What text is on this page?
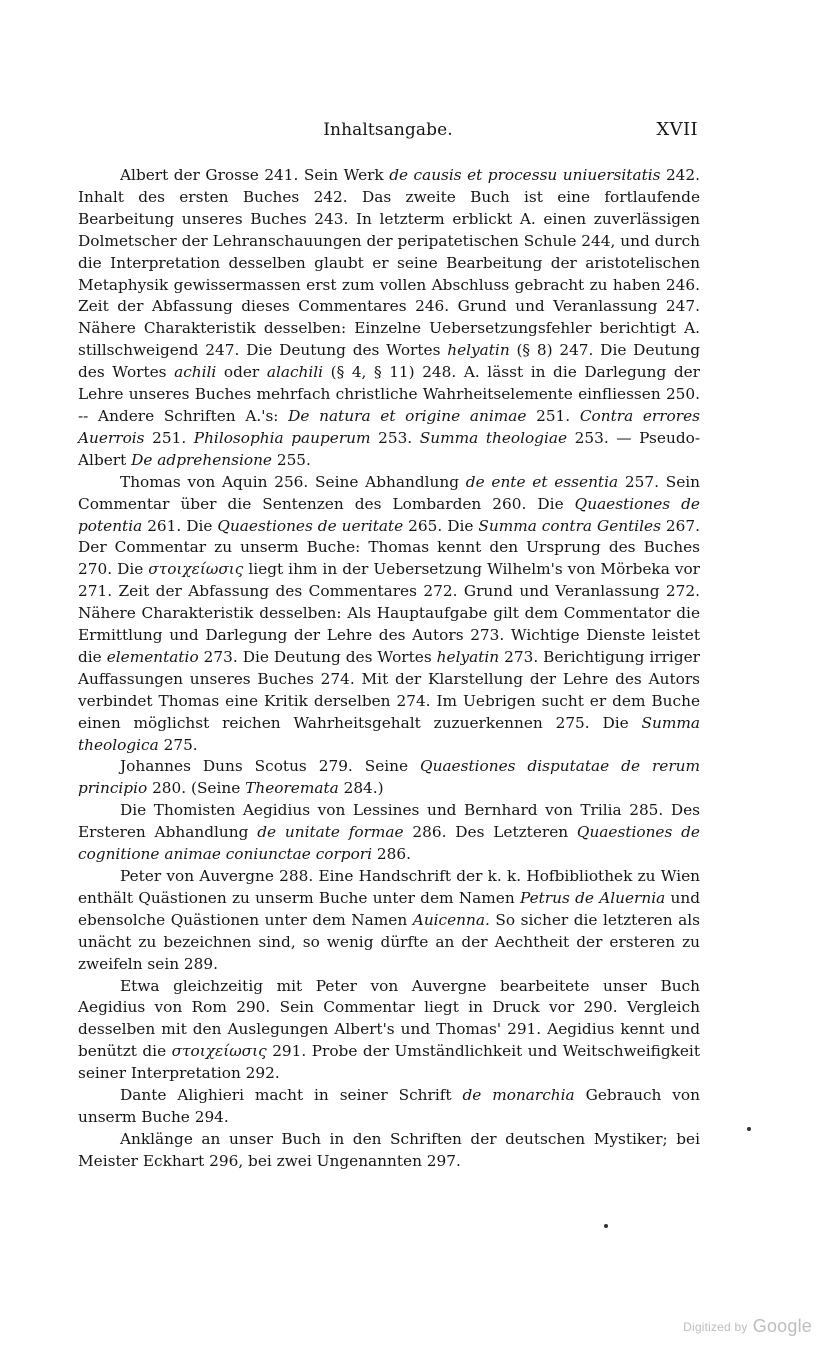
Inhaltsangabe.	XVII

Albert der Grosse 241. Sein Werk de causis et processu uniuersitatis 242. Inhalt des ersten Buches 242. Das zweite Buch ist eine fortlaufende Bearbeitung unseres Buches 243. In letzterm erblickt A. einen zuverlässigen Dolmetscher der Lehranschauungen der peripatetischen Schule 244, und durch die Interpretation desselben glaubt er seine Bearbeitung der aristotelischen Metaphysik gewissermassen erst zum vollen Abschluss gebracht zu haben 246. Zeit der Abfassung dieses Commentares 246. Grund und Veranlassung 247. Nähere Charakteristik desselben: Einzelne Uebersetzungsfehler berichtigt A. stillschweigend 247. Die Deutung des Wortes helyatin (§ 8) 247. Die Deutung des Wortes achili oder alachili (§ 4, § 11) 248. A. lässt in die Darlegung der Lehre unseres Buches mehrfach christliche Wahrheitselemente einfliessen 250. -- Andere Schriften A.'s: De natura et origine animae 251. Contra errores Auerrois 251. Philosophia pauperum 253. Summa theologiae 253. — Pseudo-Albert De adprehensione 255.

Thomas von Aquin 256. Seine Abhandlung de ente et essentia 257. Sein Commentar über die Sentenzen des Lombarden 260. Die Quaestiones de potentia 261. Die Quaestiones de ueritate 265. Die Summa contra Gentiles 267. Der Commentar zu unserm Buche: Thomas kennt den Ursprung des Buches 270. Die στοιχείωσις liegt ihm in der Uebersetzung Wilhelm's von Mörbeka vor 271. Zeit der Abfassung des Commentares 272. Grund und Veranlassung 272. Nähere Charakteristik desselben: Als Hauptaufgabe gilt dem Commentator die Ermittlung und Darlegung der Lehre des Autors 273. Wichtige Dienste leistet die elementatio 273. Die Deutung des Wortes helyatin 273. Berichtigung irriger Auffassungen unseres Buches 274. Mit der Klarstellung der Lehre des Autors verbindet Thomas eine Kritik derselben 274. Im Uebrigen sucht er dem Buche einen möglichst reichen Wahrheitsgehalt zuzuerkennen 275. Die Summa theologica 275.

Johannes Duns Scotus 279. Seine Quaestiones disputatae de rerum principio 280. (Seine Theoremata 284.)

Die Thomisten Aegidius von Lessines und Bernhard von Trilia 285. Des Ersteren Abhandlung de unitate formae 286. Des Letzteren Quaestiones de cognitione animae coniunctae corpori 286.

Peter von Auvergne 288. Eine Handschrift der k. k. Hofbibliothek zu Wien enthält Quästionen zu unserm Buche unter dem Namen Petrus de Aluernia und ebensolche Quästionen unter dem Namen Auicenna. So sicher die letzteren als unächt zu bezeichnen sind, so wenig dürfte an der Aechtheit der ersteren zu zweifeln sein 289.

Etwa gleichzeitig mit Peter von Auvergne bearbeitete unser Buch Aegidius von Rom 290. Sein Commentar liegt in Druck vor 290. Vergleich desselben mit den Auslegungen Albert's und Thomas' 291. Aegidius kennt und benützt die στοιχείωσις 291. Probe der Umständlichkeit und Weitschweifigkeit seiner Interpretation 292.

Dante Alighieri macht in seiner Schrift de monarchia Gebrauch von unserm Buche 294.

Anklänge an unser Buch in den Schriften der deutschen Mystiker; bei Meister Eckhart 296, bei zwei Ungenannten 297.

Digitized by Google
